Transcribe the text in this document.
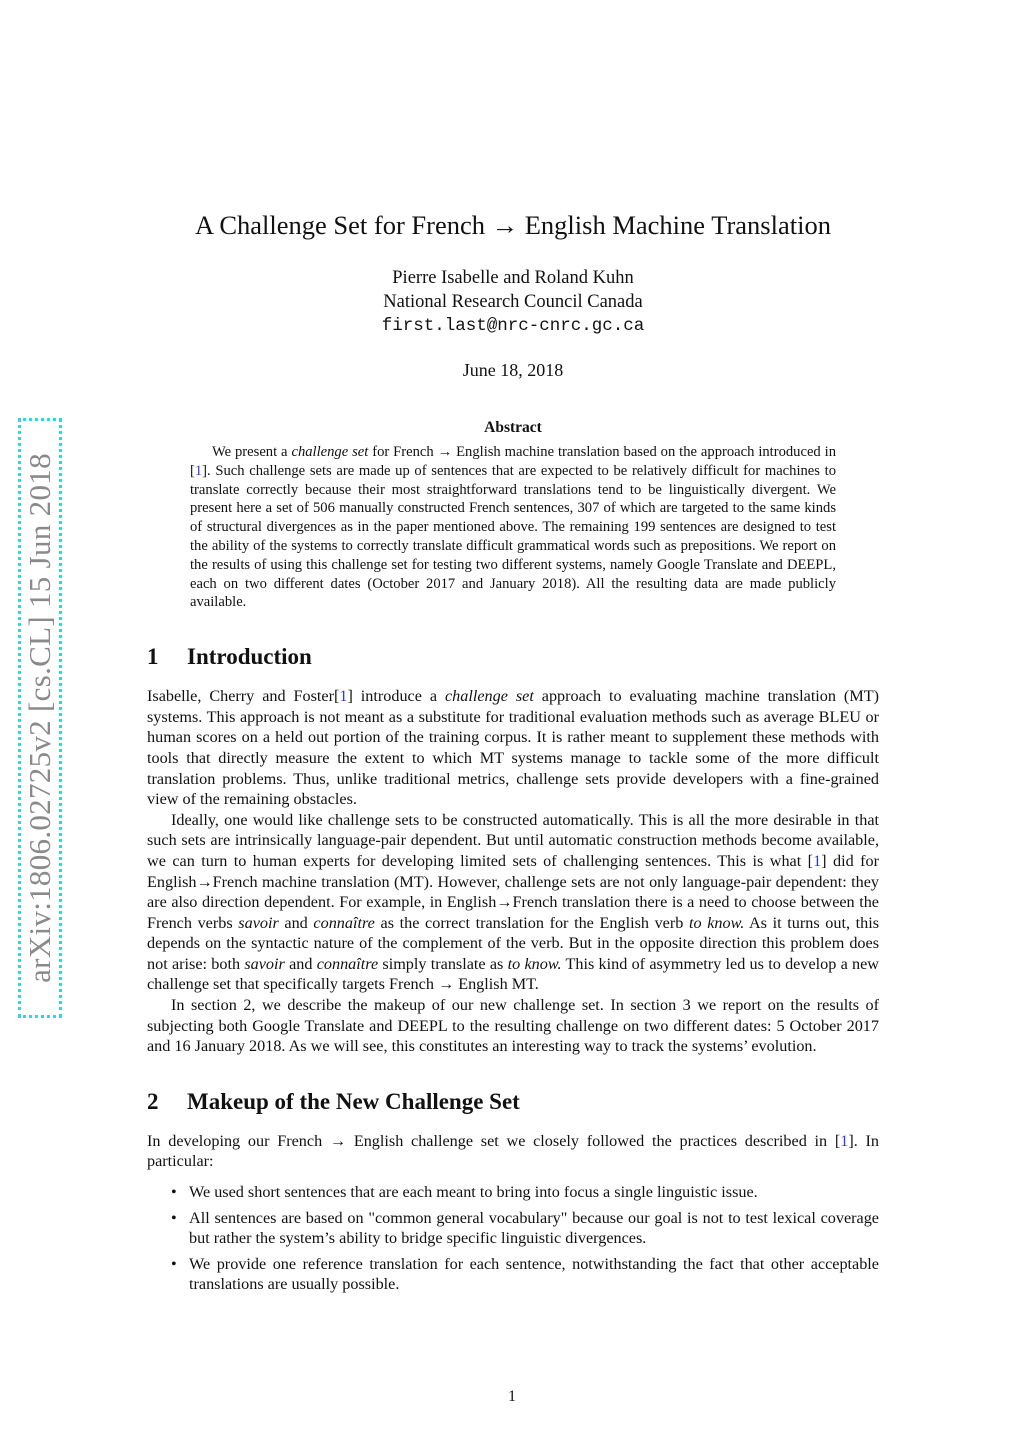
arXiv:1806.02725v2 [cs.CL] 15 Jun 2018
A Challenge Set for French → English Machine Translation
Pierre Isabelle and Roland Kuhn
National Research Council Canada
first.last@nrc-cnrc.gc.ca
June 18, 2018
Abstract

We present a challenge set for French → English machine translation based on the approach introduced in [1]. Such challenge sets are made up of sentences that are expected to be relatively difficult for machines to translate correctly because their most straightforward translations tend to be linguistically divergent. We present here a set of 506 manually constructed French sentences, 307 of which are targeted to the same kinds of structural divergences as in the paper mentioned above. The remaining 199 sentences are designed to test the ability of the systems to correctly translate difficult grammatical words such as prepositions. We report on the results of using this challenge set for testing two different systems, namely Google Translate and DEEPL, each on two different dates (October 2017 and January 2018). All the resulting data are made publicly available.

1 Introduction

Isabelle, Cherry and Foster[1] introduce a challenge set approach to evaluating machine translation (MT) systems. This approach is not meant as a substitute for traditional evaluation methods such as average BLEU or human scores on a held out portion of the training corpus. It is rather meant to supplement these methods with tools that directly measure the extent to which MT systems manage to tackle some of the more difficult translation problems. Thus, unlike traditional metrics, challenge sets provide developers with a fine-grained view of the remaining obstacles.

Ideally, one would like challenge sets to be constructed automatically. This is all the more desirable in that such sets are intrinsically language-pair dependent. But until automatic construction methods become available, we can turn to human experts for developing limited sets of challenging sentences. This is what [1] did for English→French machine translation (MT). However, challenge sets are not only language-pair dependent: they are also direction dependent. For example, in English→French translation there is a need to choose between the French verbs savoir and connaître as the correct translation for the English verb to know. As it turns out, this depends on the syntactic nature of the complement of the verb. But in the opposite direction this problem does not arise: both savoir and connaître simply translate as to know. This kind of asymmetry led us to develop a new challenge set that specifically targets French → English MT.

In section 2, we describe the makeup of our new challenge set. In section 3 we report on the results of subjecting both Google Translate and DEEPL to the resulting challenge on two different dates: 5 October 2017 and 16 January 2018. As we will see, this constitutes an interesting way to track the systems’ evolution.

2 Makeup of the New Challenge Set

In developing our French → English challenge set we closely followed the practices described in [1]. In particular:

• We used short sentences that are each meant to bring into focus a single linguistic issue.
• All sentences are based on "common general vocabulary" because our goal is not to test lexical coverage but rather the system’s ability to bridge specific linguistic divergences.
• We provide one reference translation for each sentence, notwithstanding the fact that other acceptable translations are usually possible.
1
